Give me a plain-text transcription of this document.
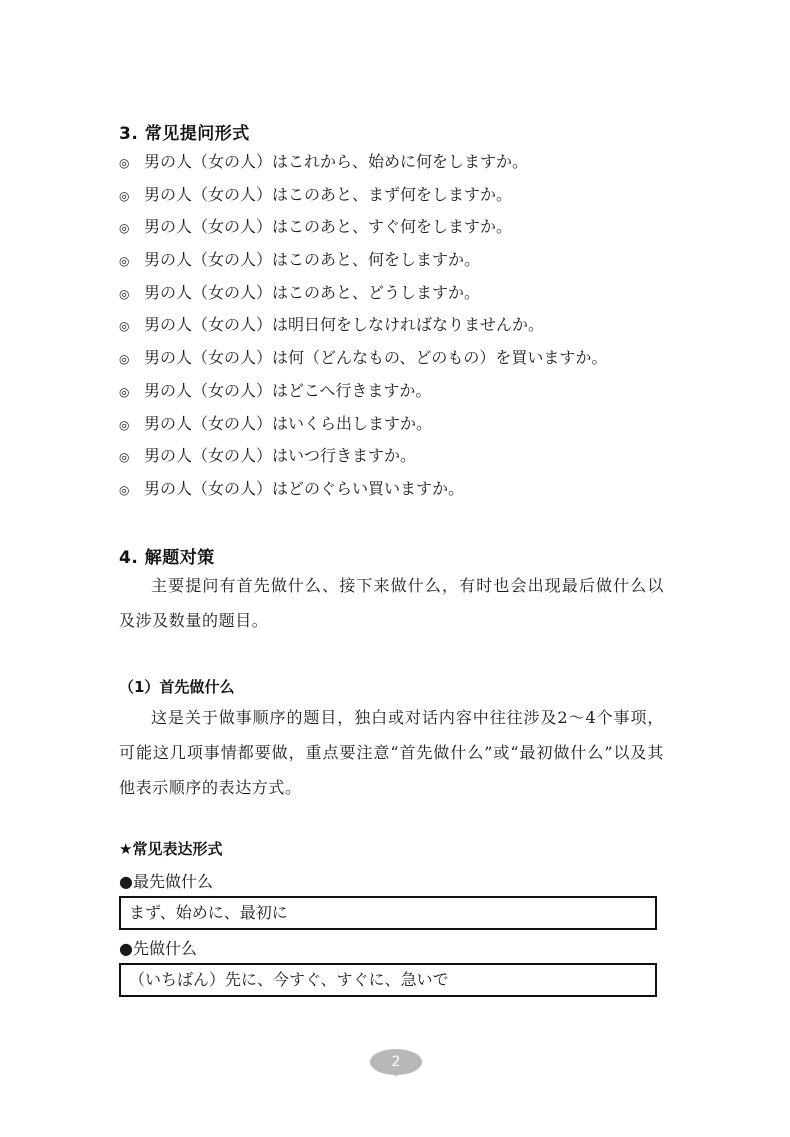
3. 常见提问形式
◎ 男の人（女の人）はこれから、始めに何をしますか。
◎ 男の人（女の人）はこのあと、まず何をしますか。
◎ 男の人（女の人）はこのあと、すぐ何をしますか。
◎ 男の人（女の人）はこのあと、何をしますか。
◎ 男の人（女の人）はこのあと、どうしますか。
◎ 男の人（女の人）は明日何をしなければなりませんか。
◎ 男の人（女の人）は何（どんなもの、どのもの）を買いますか。
◎ 男の人（女の人）はどこへ行きますか。
◎ 男の人（女の人）はいくら出しますか。
◎ 男の人（女の人）はいつ行きますか。
◎ 男の人（女の人）はどのぐらい買いますか。
4. 解题对策
主要提问有首先做什么、接下来做什么，有时也会出现最后做什么以及涉及数量的题目。
（1）首先做什么
这是关于做事顺序的题目，独白或对话内容中往往涉及2～4个事项，可能这几项事情都要做，重点要注意“首先做什么”或“最初做什么”以及其他表示顺序的表达方式。
★常见表达形式
●最先做什么
まず、始めに、最初に
●先做什么
（いちばん）先に、今すぐ、すぐに、急いで
2
